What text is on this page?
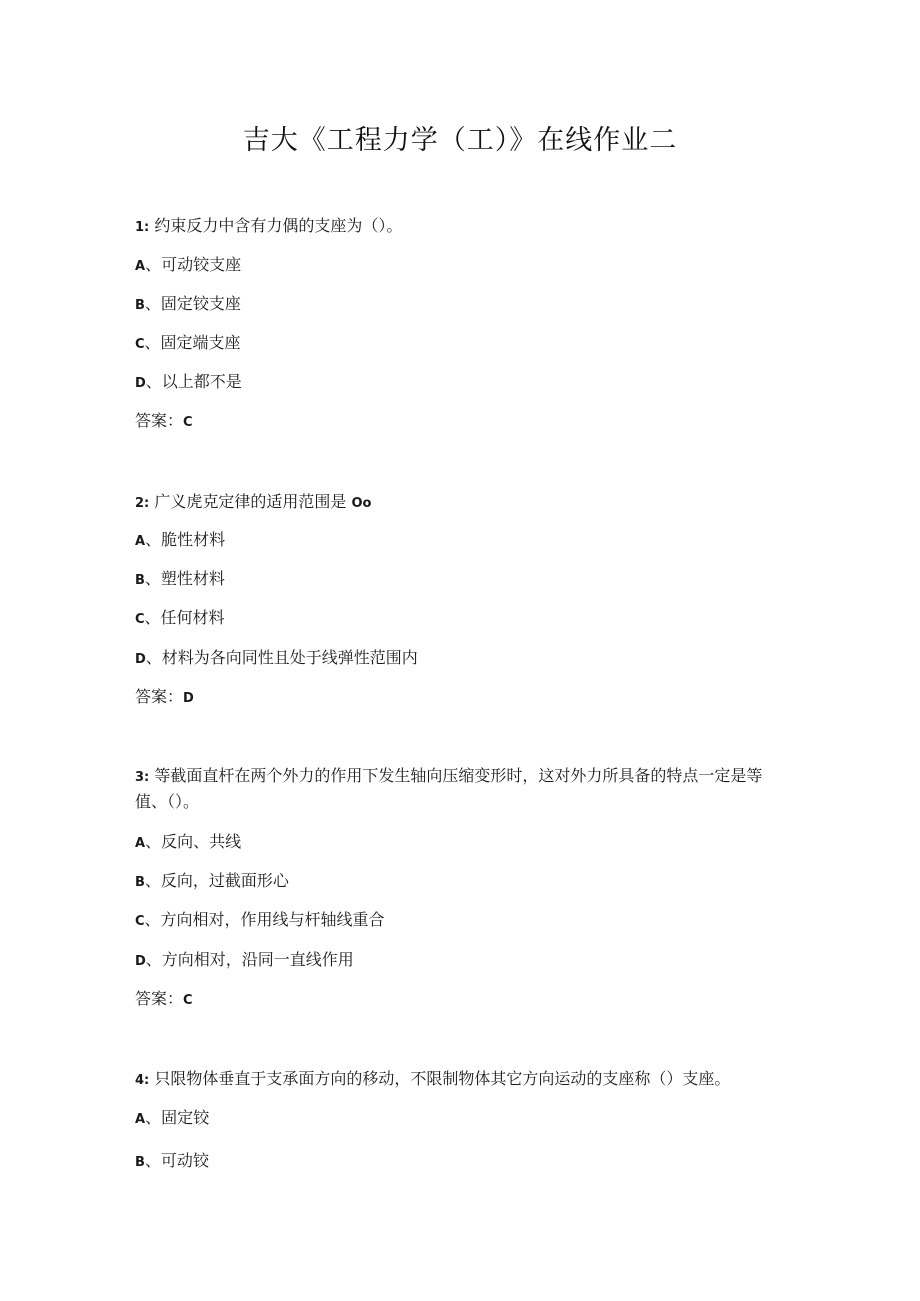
吉大《工程力学（工）》在线作业二
1: 约束反力中含有力偶的支座为（）。
A、可动铰支座
B、固定铰支座
C、固定端支座
D、以上都不是
答案：C
2: 广义虎克定律的适用范围是 Oo
A、脆性材料
B、塑性材料
C、任何材料
D、材料为各向同性且处于线弹性范围内
答案：D
3: 等截面直杆在两个外力的作用下发生轴向压缩变形时，这对外力所具备的特点一定是等值、（）。
A、反向、共线
B、反向，过截面形心
C、方向相对，作用线与杆轴线重合
D、方向相对，沿同一直线作用
答案：C
4: 只限物体垂直于支承面方向的移动，不限制物体其它方向运动的支座称（）支座。
A、固定铰
B、可动铰
